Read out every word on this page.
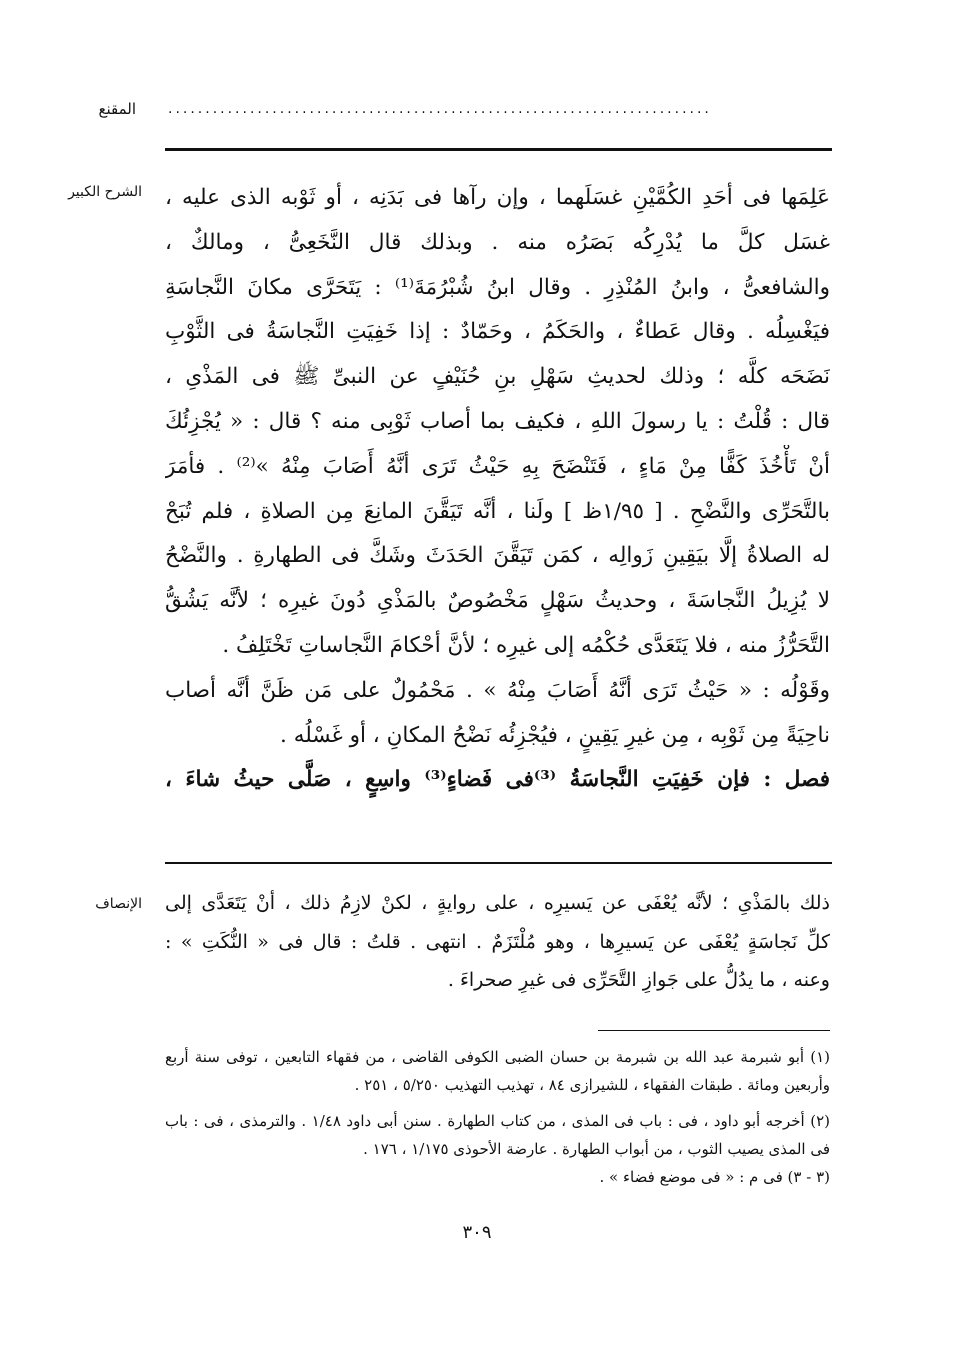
المقنع ·········································································
الشرح الكبير عَلِمَها فى أحَدِ الكُمَّيْنِ غسَلَهما ، وإن رآها فى بَدَنِه ، أو ثَوْبه الذى عليه ،
غسَل كلَّ ما يُدْرِكُه بَصَرُه منه . وبذلك قال النَّخَعِىُّ ، ومالكٌ ،
والشافعىُّ ، وابنُ المُنْذِرِ . وقال ابنُ شُبْرُمَةَ⁽¹⁾ : يَتَحَرَّى مكانَ النَّجاسَةِ
فيَغْسِلُه . وقال عَطاءٌ ، والحَكَمُ ، وحَمّادٌ : إذا خَفِيَتِ النَّجاسَةُ فى الثَّوْبِ
نَضَحَه كلَّه ؛ وذلك لحديثِ سَهْلِ بنِ حُنَيْفٍ عن النبىِّ ﷺ فى المَذْىِ ،
قال : قُلْتُ : يا رسولَ اللهِ ، فكيف بما أصاب ثَوْبِى منه ؟ قال : « يُجْزِئُكَ
أنْ تَأْخُذَ كَفًّا مِنْ مَاءٍ ، فَتَنْضَحَ بِهِ حَيْثُ تَرَى أنَّهُ أَصَابَ مِنْهُ »⁽²⁾ . فأمَرَ
بالتَّحَرِّى والنَّضْحِ . [ ١/٩٥ظ ] ولَنا ، أنَّه تَيَقَّنَ المانِعَ مِن الصلاةِ ، فلم تُبَحْ
له الصلاةُ إلَّا بيَقِينِ زَوالِه ، كمَن تَيَقَّنَ الحَدَثَ وشَكَّ فى الطهارةِ . والنَّضْحُ
لا يُزِيلُ النَّجاسَةَ ، وحديثُ سَهْلٍ مَخْصُوصٌ بالمَذْىِ دُونَ غيرِه ؛ لأنَّه يَشُقُّ
التَّحَرُّزُ منه ، فلا يَتَعَدَّى حُكْمُه إلى غيرِه ؛ لأنَّ أحْكامَ النَّجاساتِ تَخْتَلِفُ .
وقَوْلُه : « حَيْثُ تَرَى أنَّهُ أَصَابَ مِنْهُ » . مَحْمُولٌ على مَن ظَنَّ أنَّه أصاب
ناحِيَةً مِن ثَوْبِه ، مِن غيرِ يَقِينٍ ، فيُجْزِئُه نَضْحُ المكانِ ، أو غَسْلُه .
فصل : فإن خَفِيَتِ النَّجاسَةُ ⁽³⁾فى فَضاءٍ⁽³⁾ واسِعٍ ، صَلَّى حيثُ شاءَ ،
الإنصاف ذلك بالمَذْىِ ؛ لأنَّه يُعْفَى عن يَسيرِه ، على روايةٍ ، لكنْ لازِمُ ذلك ، أنْ يَتَعَدَّى إلى
كلِّ نَجاسَةٍ يُعْفَى عن يَسيرِها ، وهو مُلْتَزَمٌ . انتهى . قلتُ : قال فى « النُّكَتِ » :
وعنه ، ما يدُلُّ على جَوازِ التَّحَرِّى فى غيرِ صحراءَ .
(١) أبو شبرمة عبد الله بن شبرمة بن حسان الضبى الكوفى القاضى ، من فقهاء التابعين ، توفى سنة أربع
وأربعين ومائة . طبقات الفقهاء ، للشيرازى ٨٤ ، تهذيب التهذيب ٥/٢٥٠ ، ٢٥١ .
(٢) أخرجه أبو داود ، فى : باب فى المذى ، من كتاب الطهارة . سنن أبى داود ١/٤٨ . والترمذى ، فى : باب
فى المذى يصيب الثوب ، من أبواب الطهارة . عارضة الأحوذى ١/١٧٥ ، ١٧٦ .
(٣ - ٣) فى م : « فى موضع فضاء » .
٣٠٩
